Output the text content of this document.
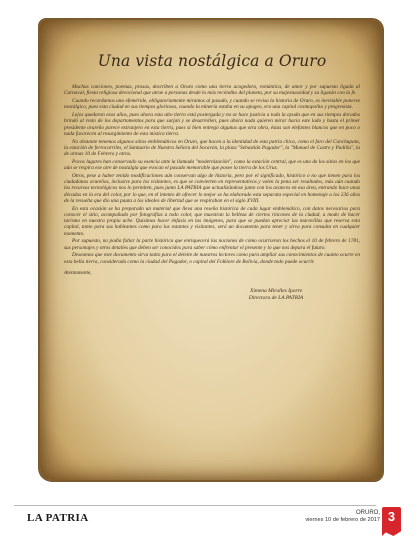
Una vista nostálgica a Oruro

Muchas canciones, poemas, prosas, describen a Oruro como una tierra acogedora, romántica, de amor y por supuesto ligada al Carnaval, fiesta religiosa devocional que atrae a personas desde lo más recóndito del planeta, por su majestuosidad y su ligazón con la fe.

Cuando recordamos una efeméride, obligatoriamente miramos al pasado, y cuando se revisa la historia de Oruro, es inevitable ponerse nostálgico, pues esta ciudad en sus tiempos gloriosos, cuando la minería estaba en su apogeo, era una capital cosmopolita y progresista.

Lejos quedaron esos años, pues ahora esta alto tierra está postergada y no se hace justicia a toda la ayuda que en sus tiempos dorados brindó al resto de los departamentos para que surjan y se desarrollen, pues ahora nada quieren mirar hacia este lado y hasta el primer presidente orureño parece extranjero en esta tierra, pues si bien entregó algunas que otra obra, éstas son elefantes blancos que en poco o nada favorecen al resurgimiento de esta mística tierra.

No obstante tenemos algunos sitios emblemáticos en Oruro, que hacen a la identidad de esta patria chica, como el faro del Conchupata, la estación de ferrocarriles, el Santuario de Nuestra Señora del Socavón, la plaza "Sebastián Pagador", la "Manuel de Castro y Padilla", la de armas 10 de Febrero y otros.

Pocos lugares han conservado su esencia ante la llamada "modernización", como la estación central, que es uno de los sitios en los que aún se respira ese aire de nostalgia que evocan el pasado memorable que posee la tierra de los Urus.

Otros, pese a haber tenido modificaciones aún conservan algo de historia, pero por el significado, histórico o no que tienen para los ciudadanos orureños, inclusive para los visitantes, es que se convierten en representativos y valen la pena ser resaltados, más aún cuando los recursos tecnológicos nos lo permiten, pues junto LA PATRIA que actualizándose junto con los avances en esa área, entrando hace unas décadas en la era del color, por lo que, en el intento de ofrecer lo mejor se ha elaborado esta separata especial en homenaje a los 236 años de la revuelta que dio una pauta a los ideales de libertad que se respiraban en el siglo XVIII.

En esta ocasión se ha preparado un material que lleva una reseña histórica de cada lugar emblemático, con datos necesarios para conocer el sitio, acompañado por fotografías a todo color, que muestran la belleza de ciertos rincones de la ciudad, a modo de hacer turismo en nuestra propia urbe. Quisimos hacer énfasis en las imágenes, para que se puedan apreciar las maravillas que reserva esta capital, tanto para sus habitantes como para los estantes y visitantes, será un documento para tener y sirva para consulta en cualquier momento.

Por supuesto, no podía faltar la parte histórica que enriquecerá las nociones de cómo ocurrieron los hechos el 10 de febrero de 1781, sus personajes y otros detalles que deben ser conocidos para saber cómo enfrentar el presente y lo que nos depara el futuro.

Deseamos que este documento sirva tanto para el deleite de nuestros lectores como para ampliar sus conocimientos de cuanto ocurre en esta bella tierra, considerada como la ciudad del Pagador, o capital del Folklore de Bolivia, donde todo puede ocurrir.

Atentamente,

Ximena Miralles Iporre
Directora de LA PATRIA
LA PATRIA	ORURO,
viernes 10 de febrero de 2017 3
